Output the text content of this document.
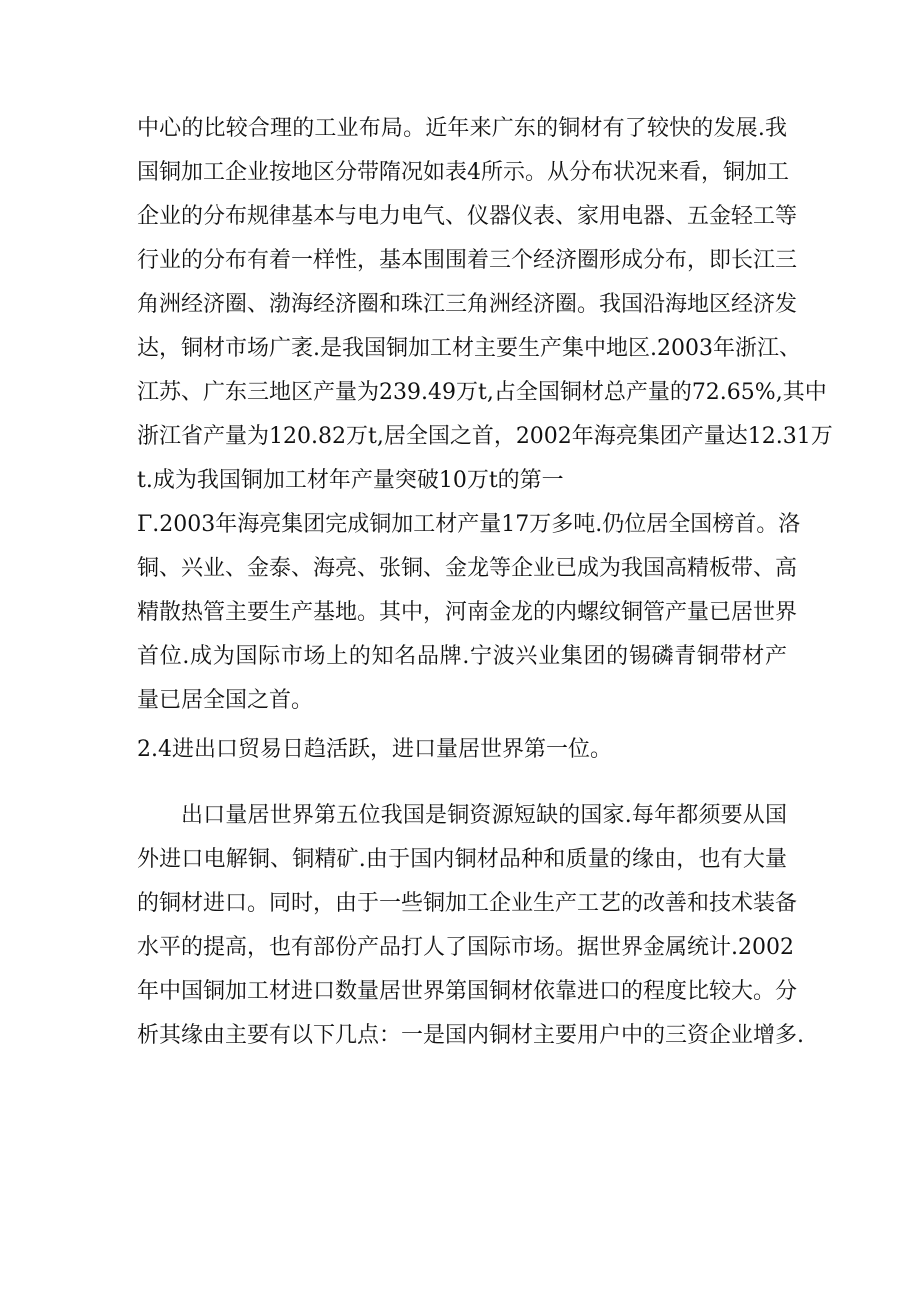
中心的比较合理的工业布局。近年来广东的铜材有了较快的发展.我
国铜加工企业按地区分带隋况如表4所示。从分布状况来看，铜加工
企业的分布规律基本与电力电气、仪器仪表、家用电器、五金轻工等
行业的分布有着一样性，基本围围着三个经济圈形成分布，即长江三
角洲经济圈、渤海经济圈和珠江三角洲经济圈。我国沿海地区经济发
达，铜材市场广袤.是我国铜加工材主要生产集中地区.2003年浙江、
江苏、广东三地区产量为239.49万t,占全国铜材总产量的72.65%,其中
浙江省产量为120.82万t,居全国之首，2002年海亮集团产量达12.31万
t.成为我国铜加工材年产量突破10万t的第一
Γ.2003年海亮集团完成铜加工材产量17万多吨.仍位居全国榜首。洛
铜、兴业、金泰、海亮、张铜、金龙等企业已成为我国高精板带、高
精散热管主要生产基地。其中，河南金龙的内螺纹铜管产量已居世界
首位.成为国际市场上的知名品牌.宁波兴业集团的锡磷青铜带材产
量已居全国之首。
2.4进出口贸易日趋活跃，进口量居世界第一位。
出口量居世界第五位我国是铜资源短缺的国家.每年都须要从国
外进口电解铜、铜精矿.由于国内铜材品种和质量的缘由，也有大量
的铜材进口。同时，由于一些铜加工企业生产工艺的改善和技术装备
水平的提高，也有部份产品打人了国际市场。据世界金属统计.2002
年中国铜加工材进口数量居世界第国铜材依靠进口的程度比较大。分
析其缘由主要有以下几点：一是国内铜材主要用户中的三资企业增多.
